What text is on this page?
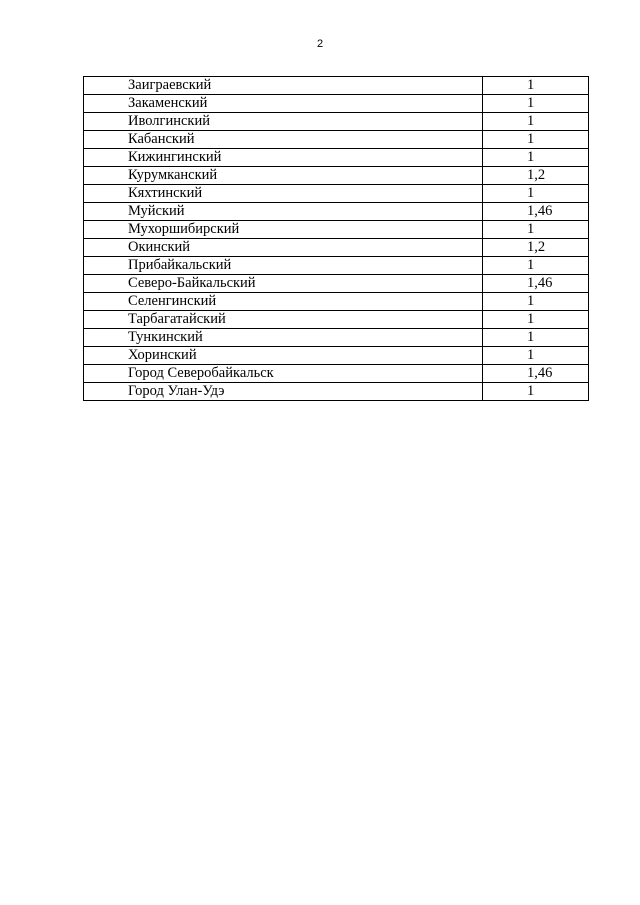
2
Заиграевский	1
Закаменский	1
Иволгинский	1
Кабанский	1
Кижингинский	1
Курумканский	1,2
Кяхтинский	1
Муйский	1,46
Мухоршибирский	1
Окинский	1,2
Прибайкальский	1
Северо-Байкальский	1,46
Селенгинский	1
Тарбагатайский	1
Тункинский	1
Хоринский	1
Город Северобайкальск	1,46
Город Улан-Удэ	1
